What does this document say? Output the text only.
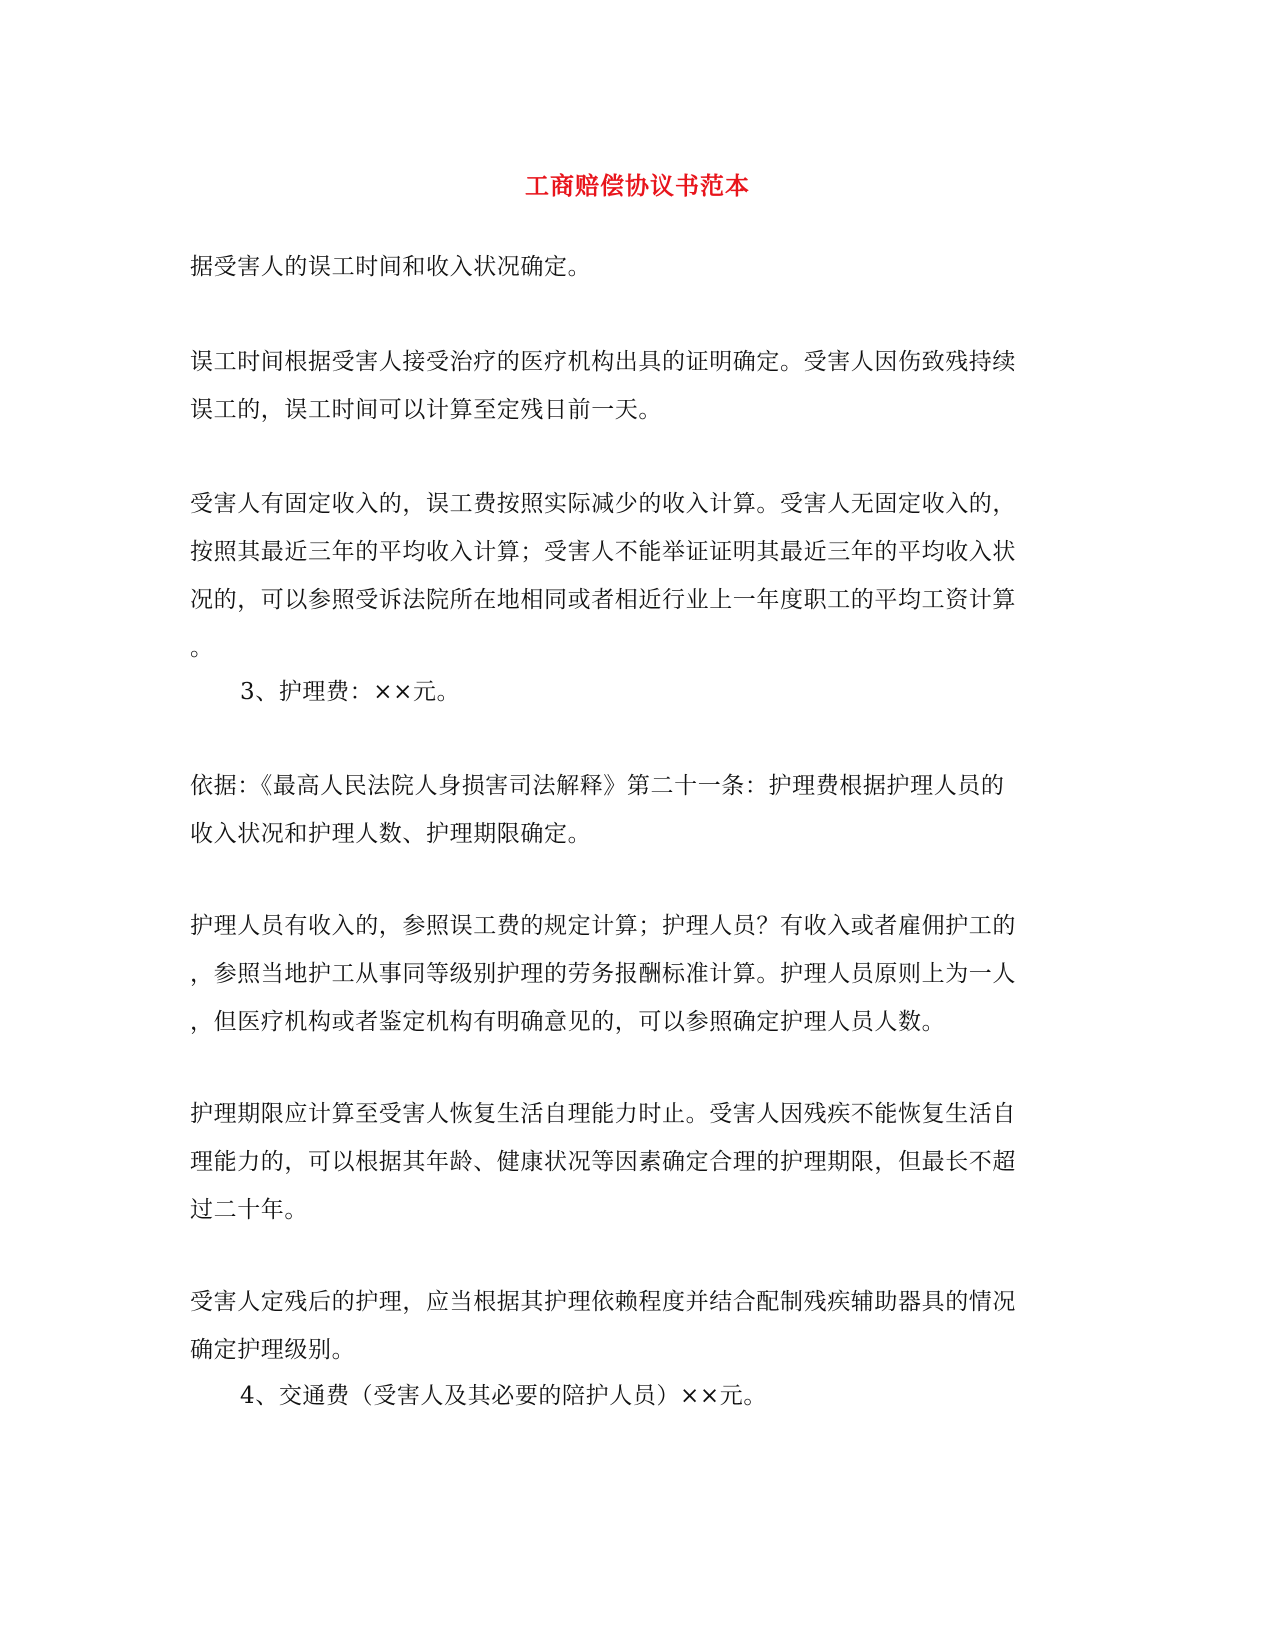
工商赔偿协议书范本
据受害人的误工时间和收入状况确定。
误工时间根据受害人接受治疗的医疗机构出具的证明确定。受害人因伤致残持续
误工的，误工时间可以计算至定残日前一天。
受害人有固定收入的，误工费按照实际减少的收入计算。受害人无固定收入的，
按照其最近三年的平均收入计算；受害人不能举证证明其最近三年的平均收入状
况的，可以参照受诉法院所在地相同或者相近行业上一年度职工的平均工资计算
。
3、护理费：××元。
依据：《最高人民法院人身损害司法解释》第二十一条：护理费根据护理人员的
收入状况和护理人数、护理期限确定。
护理人员有收入的，参照误工费的规定计算；护理人员？有收入或者雇佣护工的
，参照当地护工从事同等级别护理的劳务报酬标准计算。护理人员原则上为一人
，但医疗机构或者鉴定机构有明确意见的，可以参照确定护理人员人数。
护理期限应计算至受害人恢复生活自理能力时止。受害人因残疾不能恢复生活自
理能力的，可以根据其年龄、健康状况等因素确定合理的护理期限，但最长不超
过二十年。
受害人定残后的护理，应当根据其护理依赖程度并结合配制残疾辅助器具的情况
确定护理级别。
4、交通费（受害人及其必要的陪护人员）××元。
